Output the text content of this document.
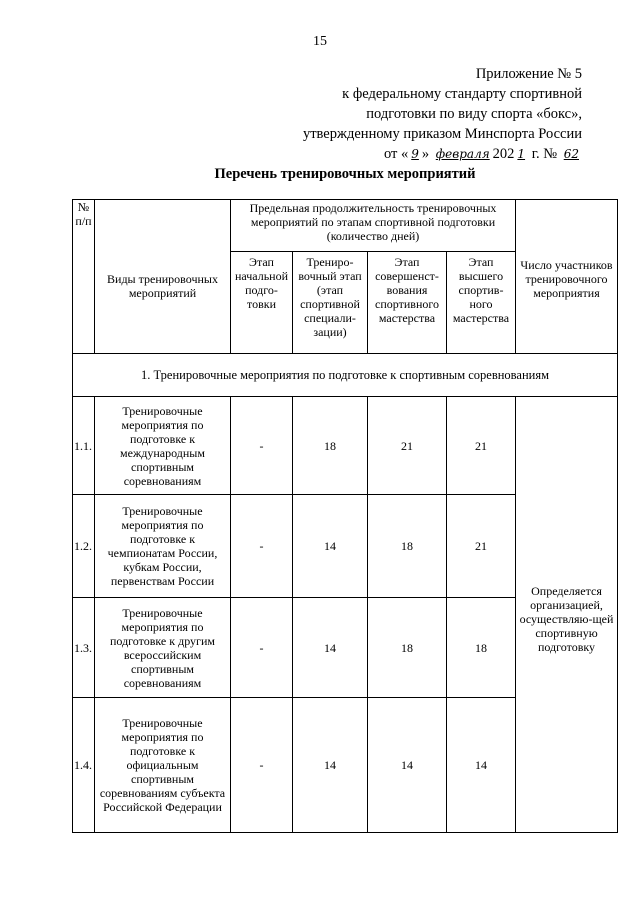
15
Приложение № 5
к федеральному стандарту спортивной
подготовки по виду спорта «бокс»,
утвержденному приказом Минспорта России
от « 9 » февраля 202 1 г. № 62
Перечень тренировочных мероприятий
№ п/п	Виды тренировочных мероприятий	Предельная продолжительность тренировочных мероприятий по этапам спортивной подготовки (количество дней)				Число участников тренировочного мероприятия
		Этап начальной подго-товки	Трениро-вочный этап (этап спортивной специали-зации)	Этап совершенст-вования спортивного мастерства	Этап высшего спортив-ного мастерства	
1. Тренировочные мероприятия по подготовке к спортивным соревнованиям						
1.1.	Тренировочные мероприятия по подготовке к международным спортивным соревнованиям	-	18	21	21	Определяется организацией, осуществляю-щей спортивную подготовку
1.2.	Тренировочные мероприятия по подготовке к чемпионатам России, кубкам России, первенствам России	-	14	18	21	
1.3.	Тренировочные мероприятия по подготовке к другим всероссийским спортивным соревнованиям	-	14	18	18	
1.4.	Тренировочные мероприятия по подготовке к официальным спортивным соревнованиям субъекта Российской Федерации	-	14	14	14	
